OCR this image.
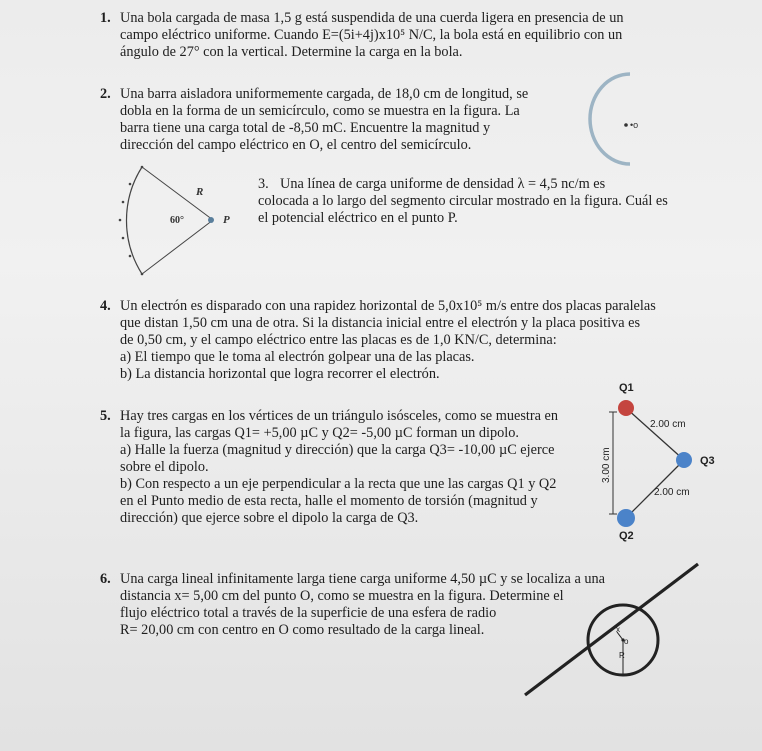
1. Una bola cargada de masa 1,5 g está suspendida de una cuerda ligera en presencia de un
campo eléctrico uniforme. Cuando E=(5i+4j)x10⁵ N/C, la bola está en equilibrio con un
ángulo de 27° con la vertical. Determine la carga en la bola.
2. Una barra aisladora uniformemente cargada, de 18,0 cm de longitud, se
dobla en la forma de un semicírculo, como se muestra en la figura. La
barra tiene una carga total de -8,50 mC. Encuentre la magnitud y
dirección del campo eléctrico en O, el centro del semicírculo.
•o
R
60°	P
3. Una línea de carga uniforme de densidad λ = 4,5 nc/m es
colocada a lo largo del segmento circular mostrado en la figura. Cuál es
el potencial eléctrico en el punto P.
4. Un electrón es disparado con una rapidez horizontal de 5,0x10⁵ m/s entre dos placas paralelas
que distan 1,50 cm una de otra. Si la distancia inicial entre el electrón y la placa positiva es
de 0,50 cm, y el campo eléctrico entre las placas es de 1,0 KN/C, determina:
a) El tiempo que le toma al electrón golpear una de las placas.
b) La distancia horizontal que logra recorrer el electrón.
5. Hay tres cargas en los vértices de un triángulo isósceles, como se muestra en
la figura, las cargas Q1= +5,00 µC y Q2= -5,00 µC forman un dipolo.
a) Halle la fuerza (magnitud y dirección) que la carga Q3= -10,00 µC ejerce
sobre el dipolo.
b) Con respecto a un eje perpendicular a la recta que une las cargas Q1 y Q2
en el Punto medio de esta recta, halle el momento de torsión (magnitud y
dirección) que ejerce sobre el dipolo la carga de Q3.
Q1
Q3
Q2
2.00 cm
2.00 cm
3.00 cm
6. Una carga lineal infinitamente larga tiene carga uniforme 4,50 µC y se localiza a una
distancia x= 5,00 cm del punto O, como se muestra en la figura. Determine el
flujo eléctrico total a través de la superficie de una esfera de radio
R= 20,00 cm con centro en O como resultado de la carga lineal.	x
o
R
